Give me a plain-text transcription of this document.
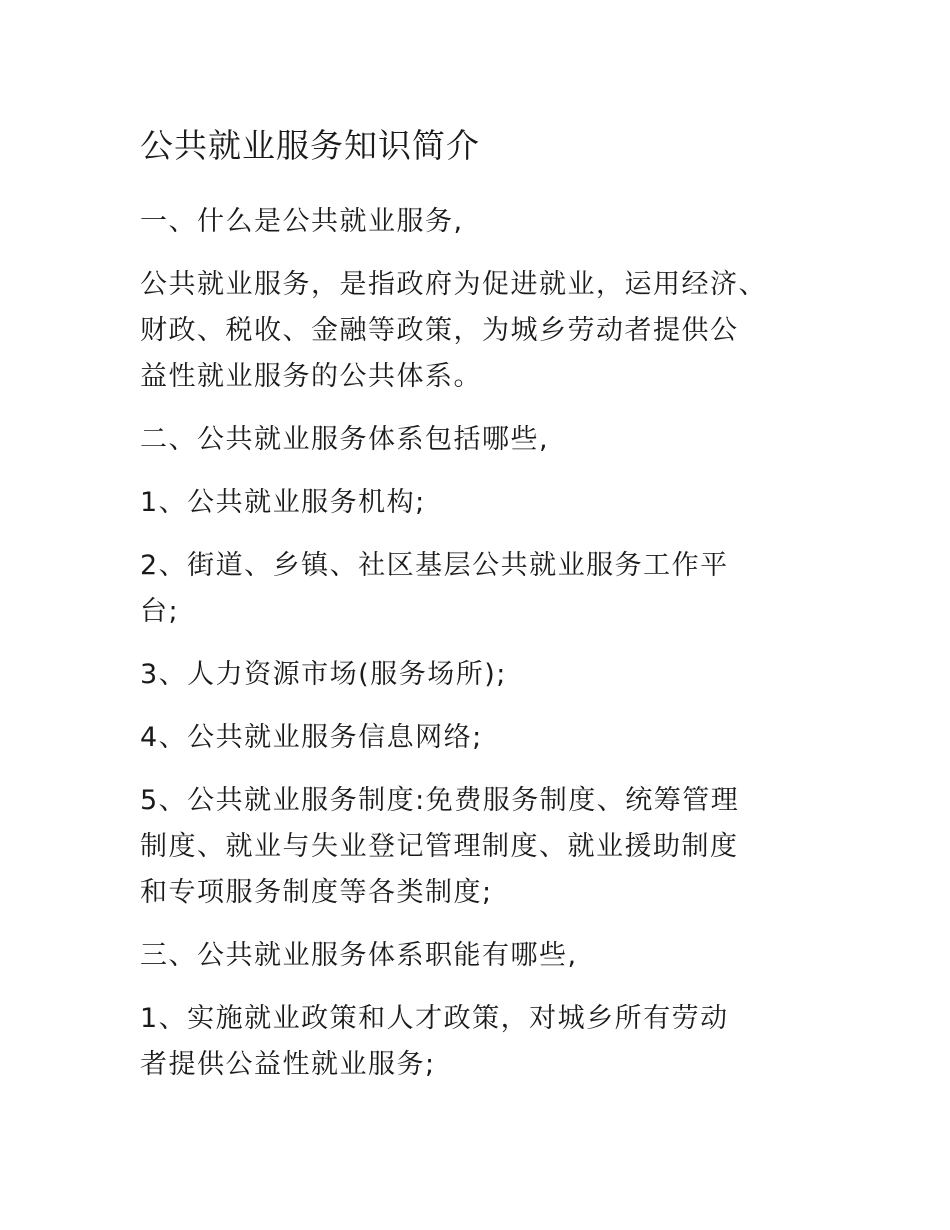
公共就业服务知识简介

一、什么是公共就业服务,

公共就业服务，是指政府为促进就业，运用经济、
财政、税收、金融等政策，为城乡劳动者提供公
益性就业服务的公共体系。

二、公共就业服务体系包括哪些,

1、公共就业服务机构;

2、街道、乡镇、社区基层公共就业服务工作平
台;

3、人力资源市场(服务场所);

4、公共就业服务信息网络;

5、公共就业服务制度:免费服务制度、统筹管理
制度、就业与失业登记管理制度、就业援助制度
和专项服务制度等各类制度;

三、公共就业服务体系职能有哪些,

1、实施就业政策和人才政策，对城乡所有劳动
者提供公益性就业服务;
